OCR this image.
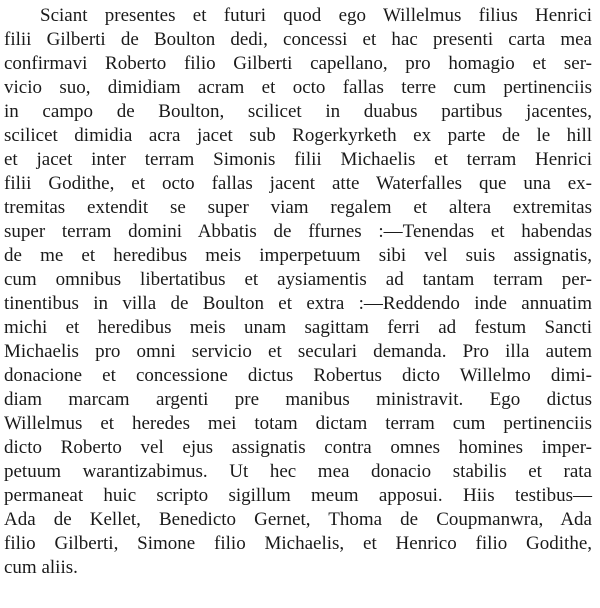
Sciant presentes et futuri quod ego Willelmus filius Henrici
filii Gilberti de Boulton dedi, concessi et hac presenti carta mea
confirmavi Roberto filio Gilberti capellano, pro homagio et ser-
vicio suo, dimidiam acram et octo fallas terre cum pertinenciis
in campo de Boulton, scilicet in duabus partibus jacentes,
scilicet dimidia acra jacet sub Rogerkyrketh ex parte de le hill
et jacet inter terram Simonis filii Michaelis et terram Henrici
filii Godithe, et octo fallas jacent atte Waterfalles que una ex-
tremitas extendit se super viam regalem et altera extremitas
super terram domini Abbatis de ffurnes :—Tenendas et habendas
de me et heredibus meis imperpetuum sibi vel suis assignatis,
cum omnibus libertatibus et aysiamentis ad tantam terram per-
tinentibus in villa de Boulton et extra :—Reddendo inde annuatim
michi et heredibus meis unam sagittam ferri ad festum Sancti
Michaelis pro omni servicio et seculari demanda. Pro illa autem
donacione et concessione dictus Robertus dicto Willelmo dimi-
diam marcam argenti pre manibus ministravit. Ego dictus
Willelmus et heredes mei totam dictam terram cum pertinenciis
dicto Roberto vel ejus assignatis contra omnes homines imper-
petuum warantizabimus. Ut hec mea donacio stabilis et rata
permaneat huic scripto sigillum meum apposui. Hiis testibus—
Ada de Kellet, Benedicto Gernet, Thoma de Coupmanwra, Ada
filio Gilberti, Simone filio Michaelis, et Henrico filio Godithe,
cum aliis.
